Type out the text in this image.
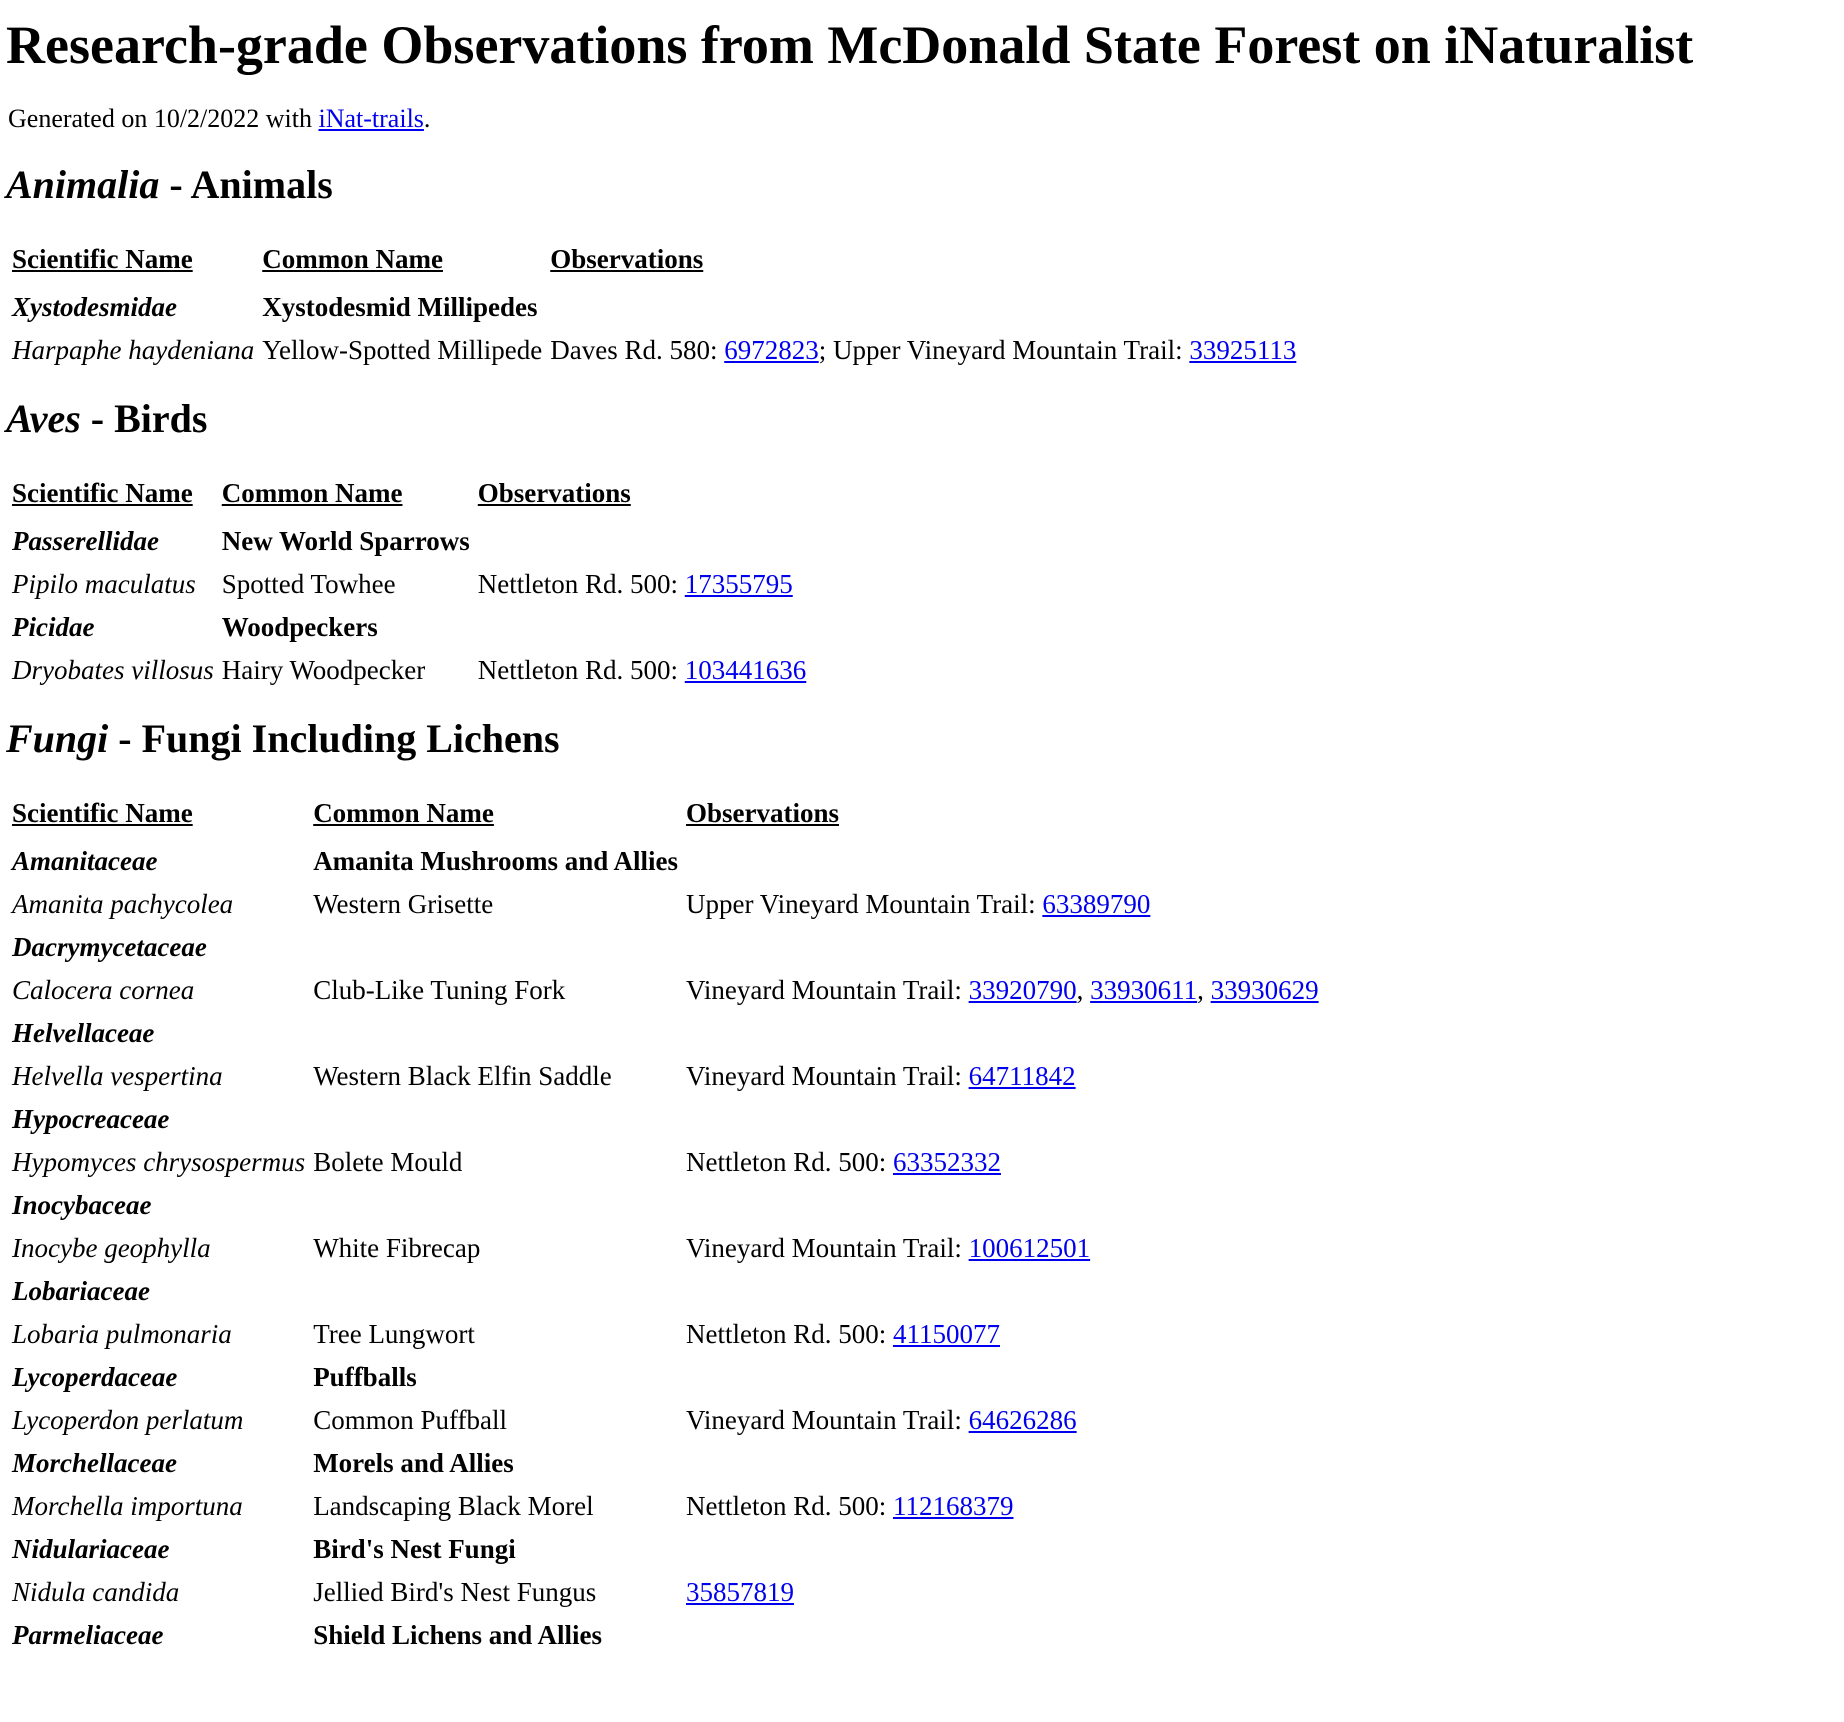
Research-grade Observations from McDonald State Forest on iNaturalist

Generated on 10/2/2022 with iNat-trails.

Animalia - Animals
Scientific Name	Common Name	Observations
Xystodesmidae	Xystodesmid Millipedes	
Harpaphe haydeniana	Yellow-Spotted Millipede	Daves Rd. 580: 6972823; Upper Vineyard Mountain Trail: 33925113
Aves - Birds
Scientific Name	Common Name	Observations
Passerellidae	New World Sparrows	
Pipilo maculatus	Spotted Towhee	Nettleton Rd. 500: 17355795
Picidae	Woodpeckers	
Dryobates villosus	Hairy Woodpecker	Nettleton Rd. 500: 103441636
Fungi - Fungi Including Lichens
Scientific Name	Common Name	Observations
Amanitaceae	Amanita Mushrooms and Allies	
Amanita pachycolea	Western Grisette	Upper Vineyard Mountain Trail: 63389790
Dacrymycetaceae		
Calocera cornea	Club-Like Tuning Fork	Vineyard Mountain Trail: 33920790, 33930611, 33930629
Helvellaceae		
Helvella vespertina	Western Black Elfin Saddle	Vineyard Mountain Trail: 64711842
Hypocreaceae		
Hypomyces chrysospermus	Bolete Mould	Nettleton Rd. 500: 63352332
Inocybaceae		
Inocybe geophylla	White Fibrecap	Vineyard Mountain Trail: 100612501
Lobariaceae		
Lobaria pulmonaria	Tree Lungwort	Nettleton Rd. 500: 41150077
Lycoperdaceae	Puffballs	
Lycoperdon perlatum	Common Puffball	Vineyard Mountain Trail: 64626286
Morchellaceae	Morels and Allies	
Morchella importuna	Landscaping Black Morel	Nettleton Rd. 500: 112168379
Nidulariaceae	Bird's Nest Fungi	
Nidula candida	Jellied Bird's Nest Fungus	35857819
Parmeliaceae	Shield Lichens and Allies	
